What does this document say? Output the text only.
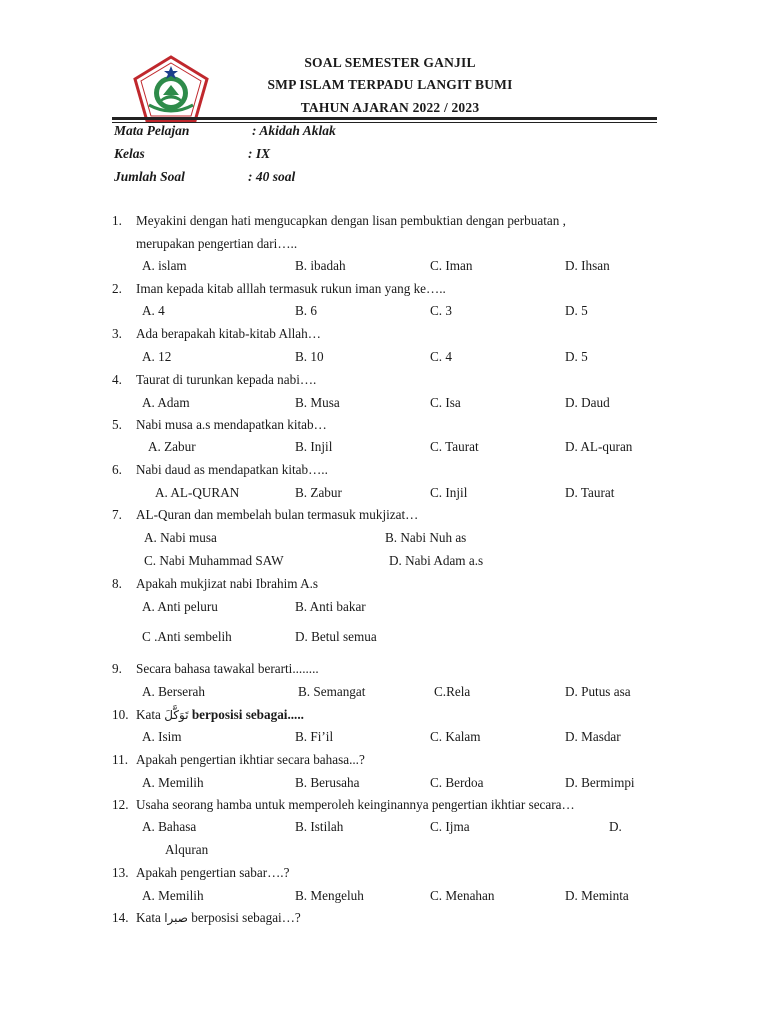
SOAL SEMESTER GANJIL
SMP ISLAM TERPADU LANGIT BUMI
TAHUN AJARAN 2022 / 2023
Mata Pelajan	: Akidah Aklak
Kelas	: IX
Jumlah Soal	: 40 soal
1. Meyakini dengan hati mengucapkan dengan lisan pembuktian dengan perbuatan ,
merupakan pengertian dari…..
A. islam	B. ibadah	C. Iman	D. Ihsan
2. Iman kepada kitab alllah termasuk rukun iman yang ke…..
A. 4	B. 6	C. 3	D. 5
3. Ada berapakah kitab-kitab Allah…
A. 12	B. 10	C. 4	D. 5
4. Taurat di turunkan kepada nabi….
A. Adam	B. Musa	C. Isa	D. Daud
5. Nabi musa a.s mendapatkan kitab…
A. Zabur	B. Injil	C. Taurat	D. AL-quran
6. Nabi daud as mendapatkan kitab…..
A. AL-QURAN	B. Zabur	C. Injil	D. Taurat
7. AL-Quran dan membelah bulan termasuk mukjizat…
A. Nabi musa	B. Nabi Nuh as
C. Nabi Muhammad SAW	D. Nabi Adam a.s
8. Apakah mukjizat nabi Ibrahim A.s
A. Anti peluru	B. Anti bakar
C .Anti sembelih	D. Betul semua
9. Secara bahasa tawakal berarti........
A. Berserah	B. Semangat	C.Rela	D. Putus asa
10. Kata تَوَكَّلَ berposisi sebagai.....
A. Isim	B. Fi’il	C. Kalam	D. Masdar
11. Apakah pengertian ikhtiar secara bahasa...?
A. Memilih	B. Berusaha	C. Berdoa	D. Bermimpi
12. Usaha seorang hamba untuk memperoleh keinginannya pengertian ikhtiar secara…
A. Bahasa	B. Istilah	C. Ijma	D.
Alquran
13. Apakah pengertian sabar….?
A. Memilih	B. Mengeluh	C. Menahan	D. Meminta
14. Kata صبرا berposisi sebagai…?
